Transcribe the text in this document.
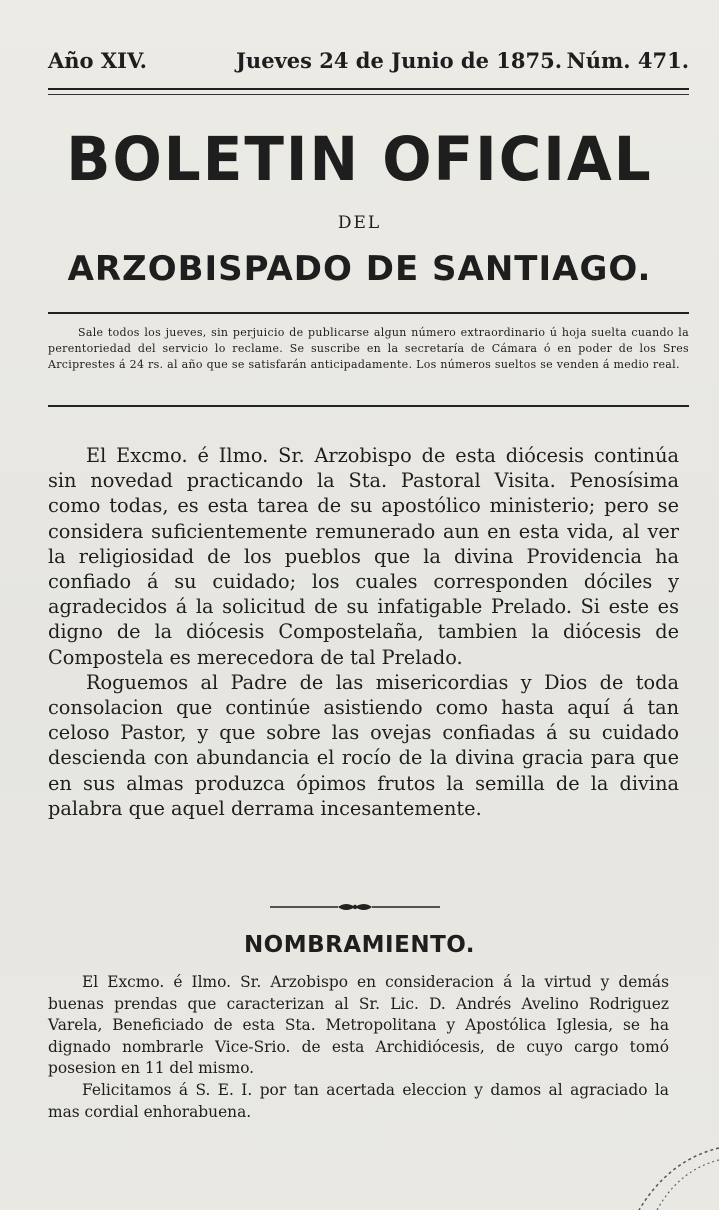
Año XIV.	Jueves 24 de Junio de 1875. Núm. 471.
BOLETIN OFICIAL
DEL
ARZOBISPADO DE SANTIAGO.
Sale todos los jueves, sin perjuicio de publicarse algun número extraordinario ú hoja suelta cuando la perentoriedad del servicio lo reclame. Se suscribe en la secretaría de Cámara ó en poder de los Sres Arciprestes á 24 rs. al año que se satisfarán anticipadamente. Los números sueltos se venden á medio real.

El Excmo. é Ilmo. Sr. Arzobispo de esta diócesis continúa sin novedad practicando la Sta. Pastoral Visita. Penosísima como todas, es esta tarea de su apostólico ministerio; pero se considera suficientemente remunerado aun en esta vida, al ver la religiosidad de los pueblos que la divina Providencia ha confiado á su cuidado; los cuales corresponden dóciles y agradecidos á la solicitud de su infatigable Prelado. Si este es digno de la diócesis Compostelaña, tambien la diócesis de Compostela es merecedora de tal Prelado.

Roguemos al Padre de las misericordias y Dios de toda consolacion que continúe asistiendo como hasta aquí á tan celoso Pastor, y que sobre las ovejas confiadas á su cuidado descienda con abundancia el rocío de la divina gracia para que en sus almas produzca ópimos frutos la semilla de la divina palabra que aquel derrama incesantemente.

NOMBRAMIENTO.

El Excmo. é Ilmo. Sr. Arzobispo en consideracion á la virtud y demás buenas prendas que caracterizan al Sr. Lic. D. Andrés Avelino Rodriguez Varela, Beneficiado de esta Sta. Metropolitana y Apostólica Iglesia, se ha dignado nombrarle Vice-Srio. de esta Archidiócesis, de cuyo cargo tomó posesion en 11 del mismo.

Felicitamos á S. E. I. por tan acertada eleccion y damos al agraciado la mas cordial enhorabuena.
